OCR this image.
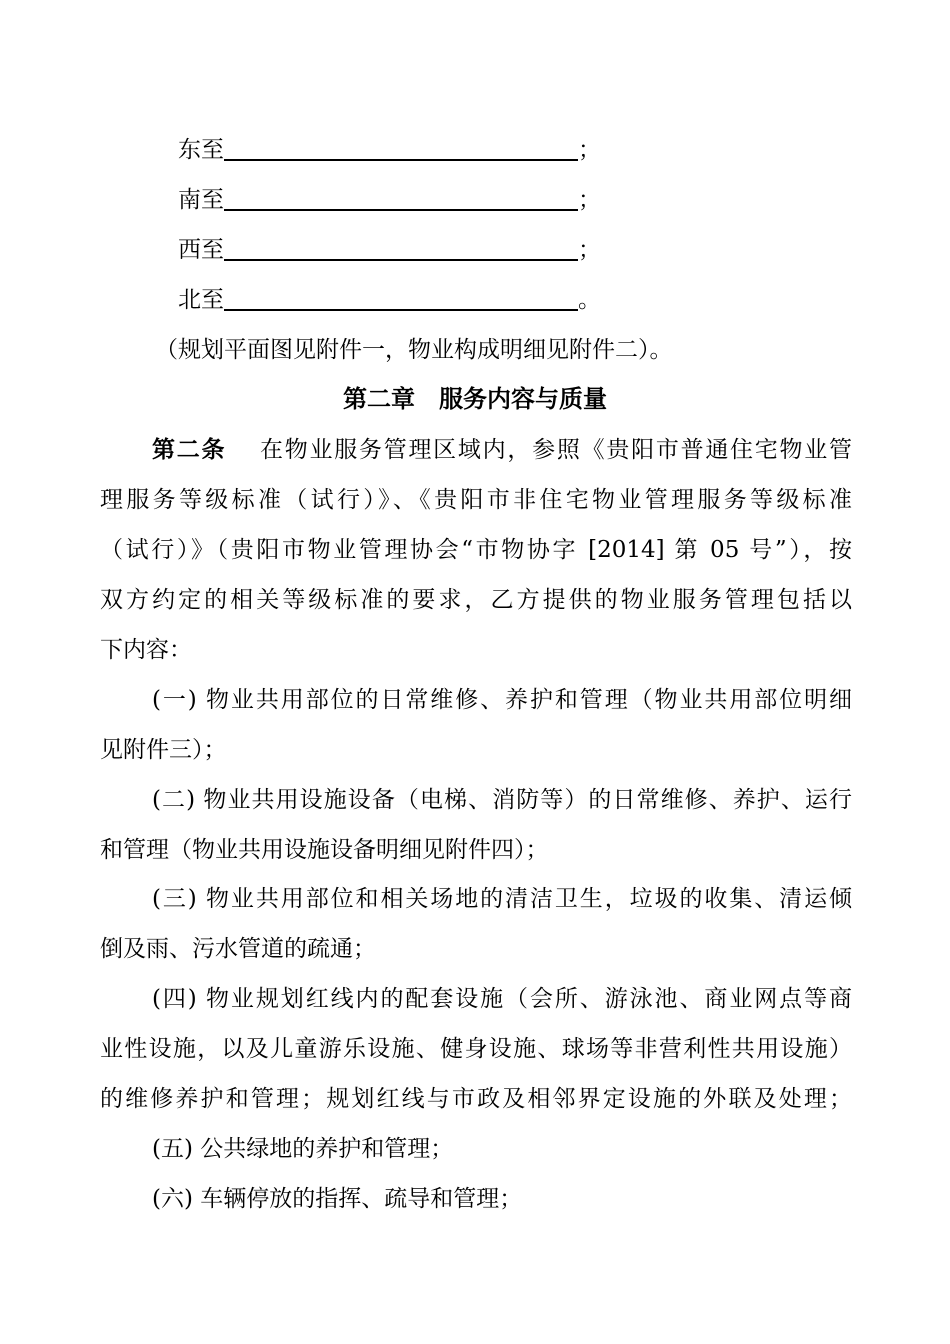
东至	；
南至	；
西至	；
北至	。
（规划平面图见附件一，物业构成明细见附件二）。
第二章　服务内容与质量
第二条　 在物业服务管理区域内，参照《贵阳市普通住宅物业管
理服务等级标准（试行）》、《贵阳市非住宅物业管理服务等级标准
（试行）》（贵阳市物业管理协会“市物协字 [2014] 第 05 号”），按
双方约定的相关等级标准的要求，乙方提供的物业服务管理包括以
下内容：
(一) 物业共用部位的日常维修、养护和管理（物业共用部位明细
见附件三）；
(二) 物业共用设施设备（电梯、消防等）的日常维修、养护、运行
和管理（物业共用设施设备明细见附件四）；
(三) 物业共用部位和相关场地的清洁卫生，垃圾的收集、清运倾
倒及雨、污水管道的疏通；
(四) 物业规划红线内的配套设施（会所、游泳池、商业网点等商
业性设施，以及儿童游乐设施、健身设施、球场等非营利性共用设施）
的维修养护和管理；规划红线与市政及相邻界定设施的外联及处理；
(五) 公共绿地的养护和管理；
(六) 车辆停放的指挥、疏导和管理；
